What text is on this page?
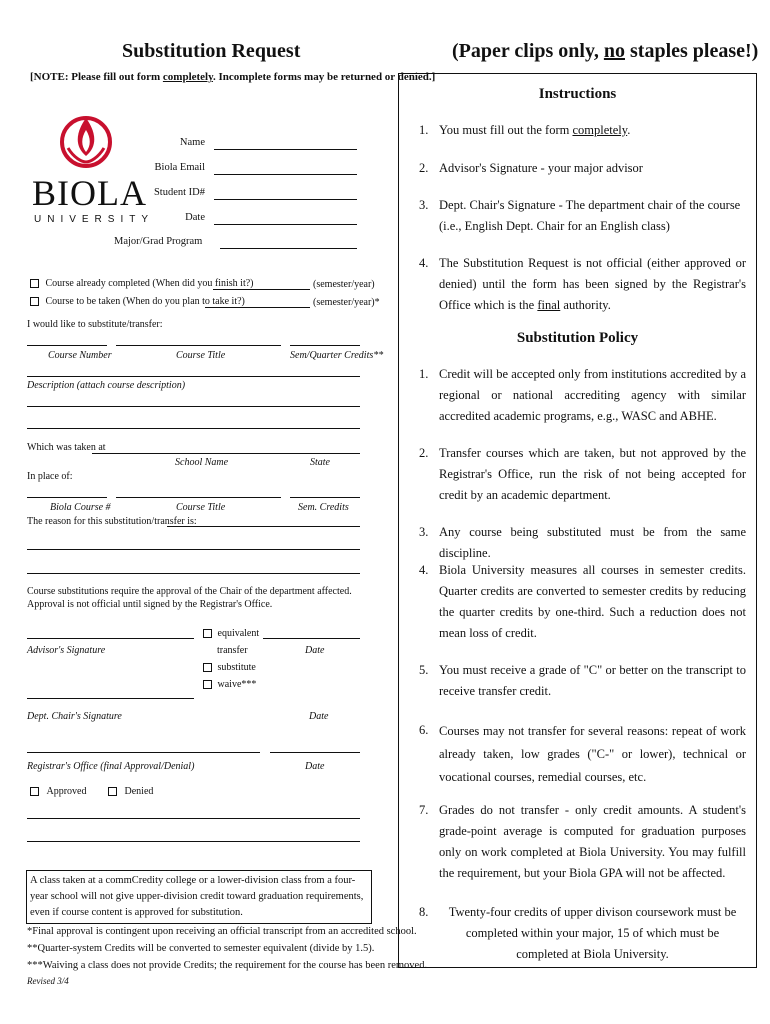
Substitution Request	(Paper clips only, no staples please!)
[NOTE: Please fill out form completely. Incomplete forms may be returned or denied.]
BIOLA
UNIVERSITY
Name
Biola Email
Student ID#
Date
Major/Grad Program
Course already completed (When did you finish it?)	(semester/year)
Course to be taken (When do you plan to take it?)	(semester/year)*
I would like to substitute/transfer:
Course Number	Course Title	Sem/Quarter Credits**
Description (attach course description)
Which was taken at
School Name	State
In place of:
Biola Course #	Course Title	Sem. Credits
The reason for this substitution/transfer is:
Course substitutions require the approval of the Chair of the department affected. Approval is not official until signed by the Registrar's Office.
Advisor's Signature
equivalent
transfer	Date
substitute
waive***
Dept. Chair's Signature	Date
Registrar's Office (final Approval/Denial)	Date
Approved	Denied
A class taken at a commCredity college or a lower-division class from a four-year school will not give upper-division credit toward graduation requirements, even if course content is approved for substitution.
*Final approval is contingent upon receiving an official transcript from an accredited school.
**Quarter-system Credits will be converted to semester equivalent (divide by 1.5).
***Waiving a class does not provide Credits; the requirement for the course has been removed.
Revised 3/4
Instructions
1. You must fill out the form completely.
2. Advisor's Signature - your major advisor
3. Dept. Chair's Signature - The department chair of the course (i.e., English Dept. Chair for an English class)
4. The Substitution Request is not official (either approved or denied) until the form has been signed by the Registrar's Office which is the final authority.
Substitution Policy
1. Credit will be accepted only from institutions accredited by a regional or national accrediting agency with similar accredited academic programs, e.g., WASC and ABHE.
2. Transfer courses which are taken, but not approved by the Registrar's Office, run the risk of not being accepted for credit by an academic department.
3. Any course being substituted must be from the same discipline.
4. Biola University measures all courses in semester credits. Quarter credits are converted to semester credits by reducing the quarter credits by one-third. Such a reduction does not mean loss of credit.
5. You must receive a grade of "C" or better on the transcript to receive transfer credit.
6. Courses may not transfer for several reasons: repeat of work already taken, low grades ("C-" or lower), technical or vocational courses, remedial courses, etc.
7. Grades do not transfer - only credit amounts. A student's grade-point average is computed for graduation purposes only on work completed at Biola University. You may fulfill the requirement, but your Biola GPA will not be affected.
8.	Twenty-four credits of upper divison coursework must be completed within your major, 15 of which must be completed at Biola University.
